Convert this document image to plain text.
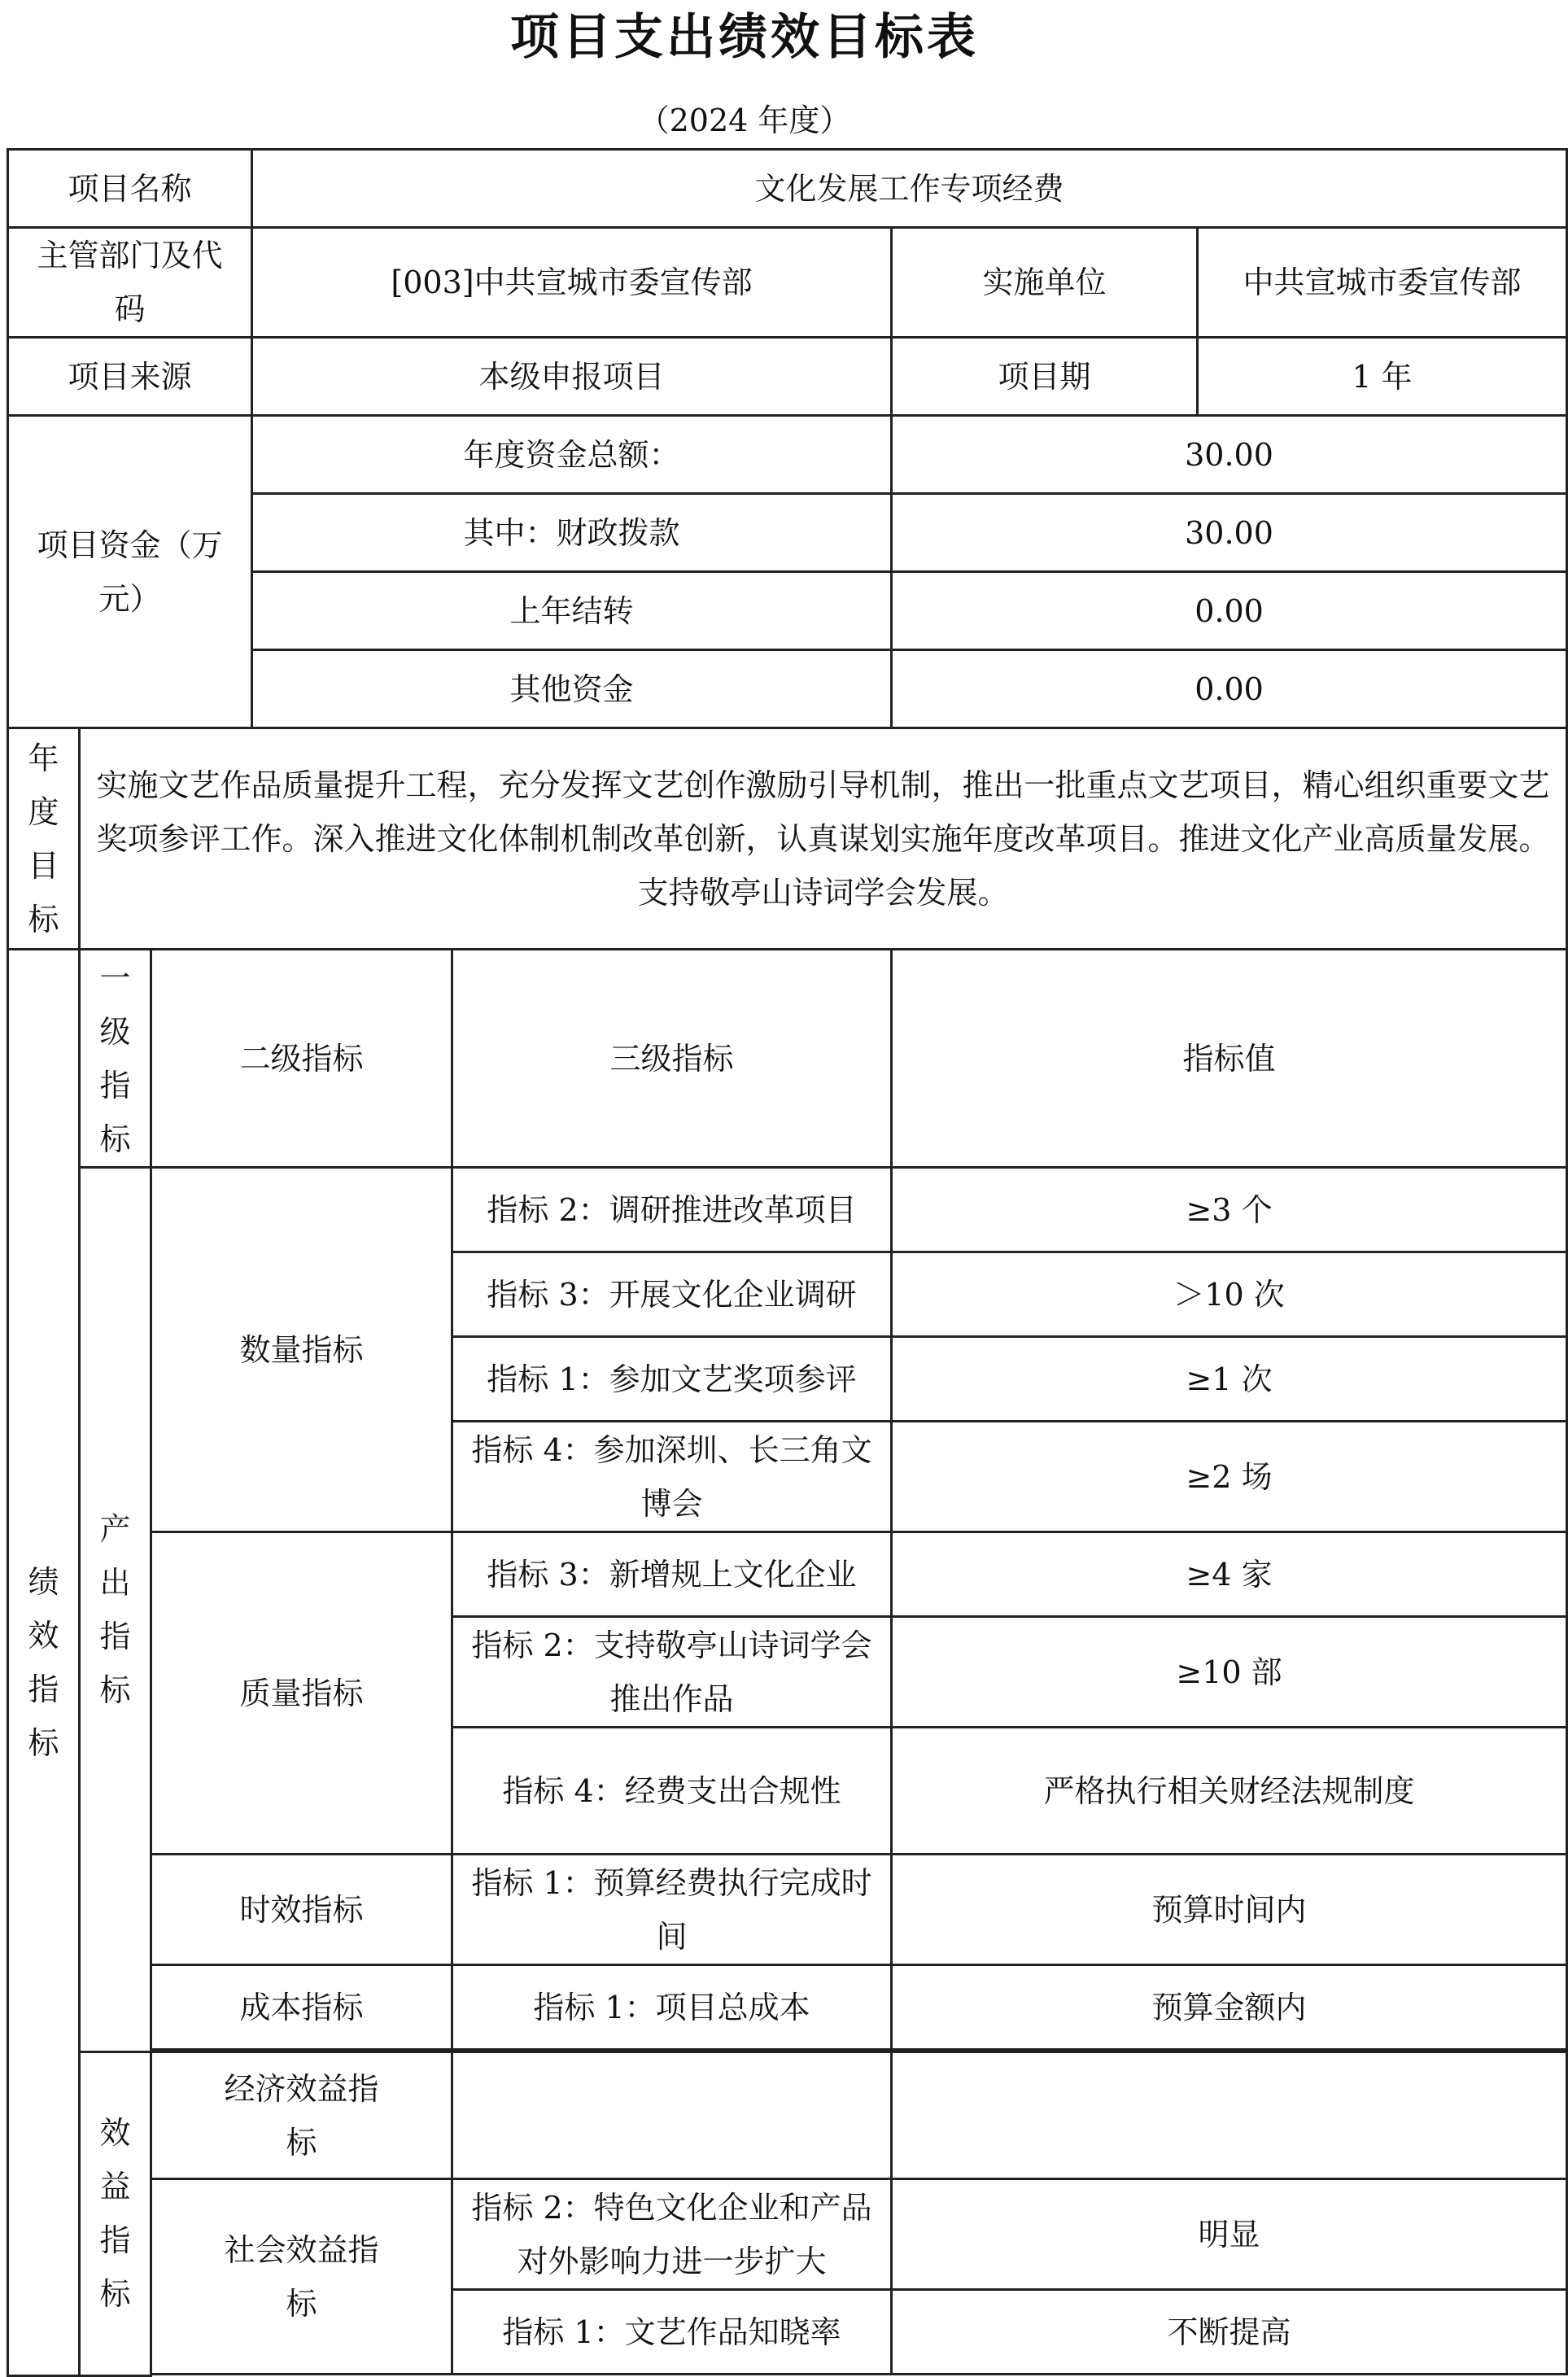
项目支出绩效目标表
（2024 年度）
项目名称			文化发展工作专项经费			
主管部门及代码			[003]中共宣城市委宣传部		实施单位	中共宣城市委宣传部
项目来源			本级申报项目		项目期	1 年
项目资金（万元）			年度资金总额：		30.00	
			其中：财政拨款		30.00	
			上年结转		0.00	
			其他资金		0.00	
年度目标	实施文艺作品质量提升工程，充分发挥文艺创作激励引导机制，推出一批重点文艺项目，精心组织重要文艺奖项参评工作。深入推进文化体制机制改革创新，认真谋划实施年度改革项目。推进文化产业高质量发展。支持敬亭山诗词学会发展。					
绩效指标	一级指标	二级指标		三级指标	指标值	
	产出指标	数量指标		指标 2：调研推进改革项目	≥3 个	
				指标 3：开展文化企业调研	＞10 次	
				指标 1：参加文艺奖项参评	≥1 次	
				指标 4：参加深圳、长三角文博会	≥2 场	
		质量指标		指标 3：新增规上文化企业	≥4 家	
				指标 2：支持敬亭山诗词学会推出作品	≥10 部	
				指标 4：经费支出合规性	严格执行相关财经法规制度	
		时效指标		指标 1：预算经费执行完成时间	预算时间内	
		成本指标		指标 1：项目总成本	预算金额内	

	效益指标	经济效益指标				
		社会效益指标		指标 2：特色文化企业和产品对外影响力进一步扩大	明显	
				指标 1：文艺作品知晓率	不断提高	
